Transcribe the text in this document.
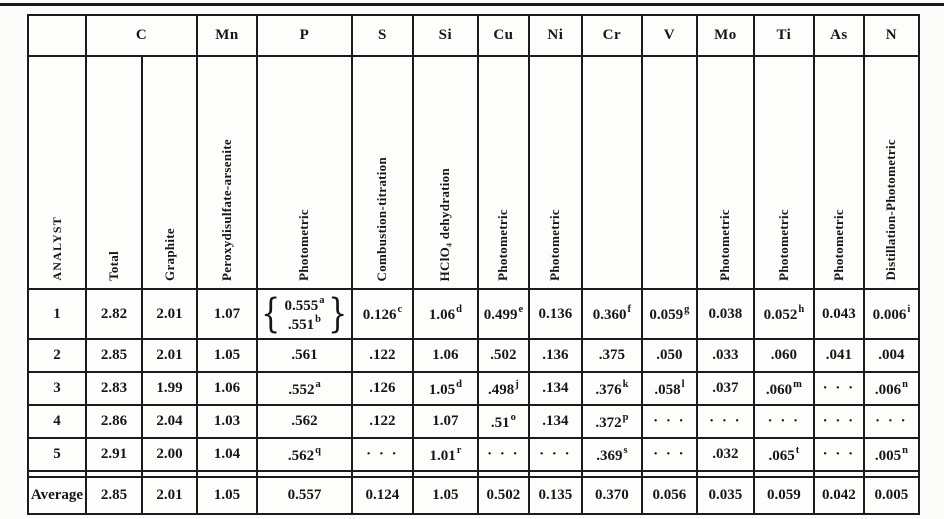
	C		Mn	P	S	Si	Cu	Ni	Cr	V	Mo	Ti	As	N

ANALYST	Total	Graphite	Peroxydisulfate-arsenite	Photometric	Combustion-titration	HClO₄ dehydration	Photometric	Photometric			Photometric	Photometric	Photometric	Distillation-Photometric

1	2.82	2.01	1.07	{ 0.555$^a$
.551$^b$ }	0.126$^c$	1.06$^d$	0.499e	0.136	0.360$^f$	0.059$^g$	0.038	0.052$^h$	0.043	0.006$^i$
2	2.85	2.01	1.05	.561	.122	1.06	.502	.136	.375	.050	.033	.060	.041	.004
3	2.83	1.99	1.06	.552$^a$	.126	1.05$^d$	.498$^j$	.134	.376$^k$	.058$^l$	.037	$.060^m$	· · ·	$.006^n$
4	2.86	2.04	1.03	.562	.122	1.07	.51$^o$	.134	$.372^p$	· · ·	· · ·	· · ·	· · ·	· · ·
5	2.91	2.00	1.04	$.562^q$	· · ·	$1.01^r$	· · ·	· · ·	$.369^s$	· · ·	.032	$.065^t$	· · ·	$.005^n$

Average	2.85	2.01	1.05	0.557	0.124	1.05	0.502	0.135	0.370	0.056	0.035	0.059	0.042	0.005
